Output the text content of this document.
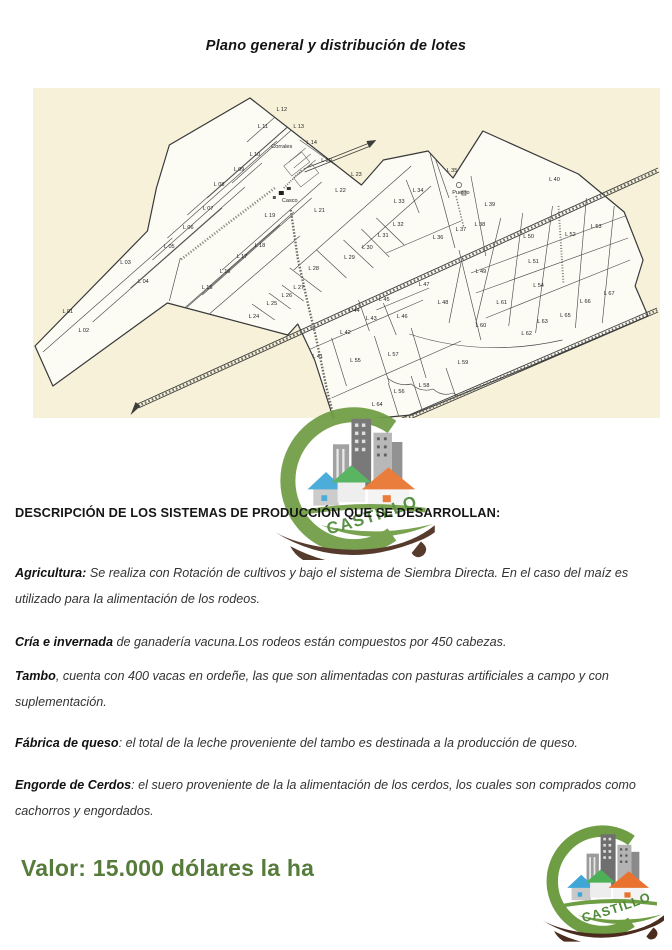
Plano general y distribución de lotes
L 01
L 02
L 03
L 04
L 05
L 06
L 07
L 08
L 09
L 10
L 11
L 12
L 13
L 14
L 15
L 16
L 17
L 18
L 19
L 20
L 21
L 22
L 23
L 24
L 25
L 26
L 27
L 28
L 29
L 30
L 31
L 32
L 33
L 34
L 35
L 36
L 37
L 38
L 39
L 40
L 41
L 42
L 43
L 44
L 45
L 46
L 47
L 48
L 49
L 50
L 51
L 52
L 53
L 54
L 55
L 56
L 57
L 58
L 59
L 60
L 61
L 62
L 63
L 64
L 65
L 66
L 67
Corrales
Casco
Puesto
DESCRIPCIÓN DE LOS SISTEMAS DE PRODUCCIÓN QUE SE DESARROLLAN:

Agricultura: Se realiza con Rotación de cultivos y bajo el sistema de Siembra Directa. En el caso del maíz es utilizado para la alimentación de los rodeos.

Cría e invernada de ganadería vacuna.Los rodeos están compuestos por 450 cabezas.

Tambo, cuenta con 400 vacas en ordeñe, las que son alimentadas con pasturas artificiales a campo y con suplementación.

Fábrica de queso: el total de la leche proveniente del tambo es destinada a la producción de queso.

Engorde de Cerdos: el suero proveniente de la la alimentación de los cerdos, los cuales son comprados como cachorros y engordados.

Valor: 15.000 dólares la ha
